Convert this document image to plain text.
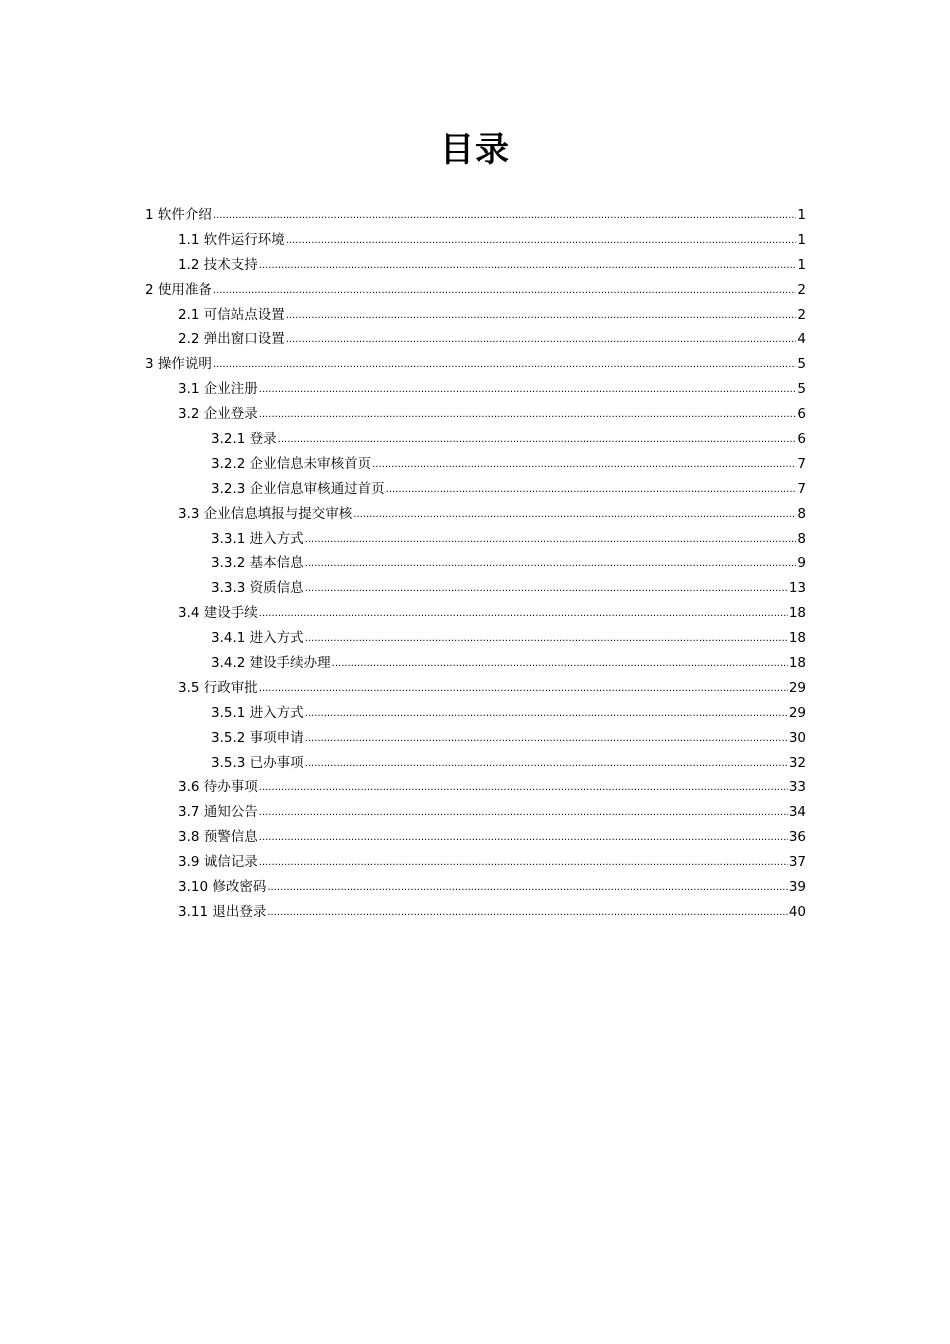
目录
1 软件介绍 .....	1
1.1 软件运行环境 .....	1
1.2 技术支持 .....	1
2 使用准备 .....	2
2.1 可信站点设置 .....	2
2.2 弹出窗口设置 .....	4
3 操作说明 .....	5
3.1 企业注册 .....	5
3.2 企业登录 .....	6
3.2.1 登录 .....	6
3.2.2 企业信息未审核首页 .....	7
3.2.3 企业信息审核通过首页 .....	7
3.3 企业信息填报与提交审核 .....	8
3.3.1 进入方式 .....	8
3.3.2 基本信息 .....	9
3.3.3 资质信息 .....	13
3.4 建设手续 .....	18
3.4.1 进入方式 .....	18
3.4.2 建设手续办理 .....	18
3.5 行政审批 .....	29
3.5.1 进入方式 .....	29
3.5.2 事项申请 .....	30
3.5.3 已办事项 .....	32
3.6 待办事项 .....	33
3.7 通知公告 .....	34
3.8 预警信息 .....	36
3.9 诚信记录 .....	37
3.10 修改密码 .....	39
3.11 退出登录 .....	40
